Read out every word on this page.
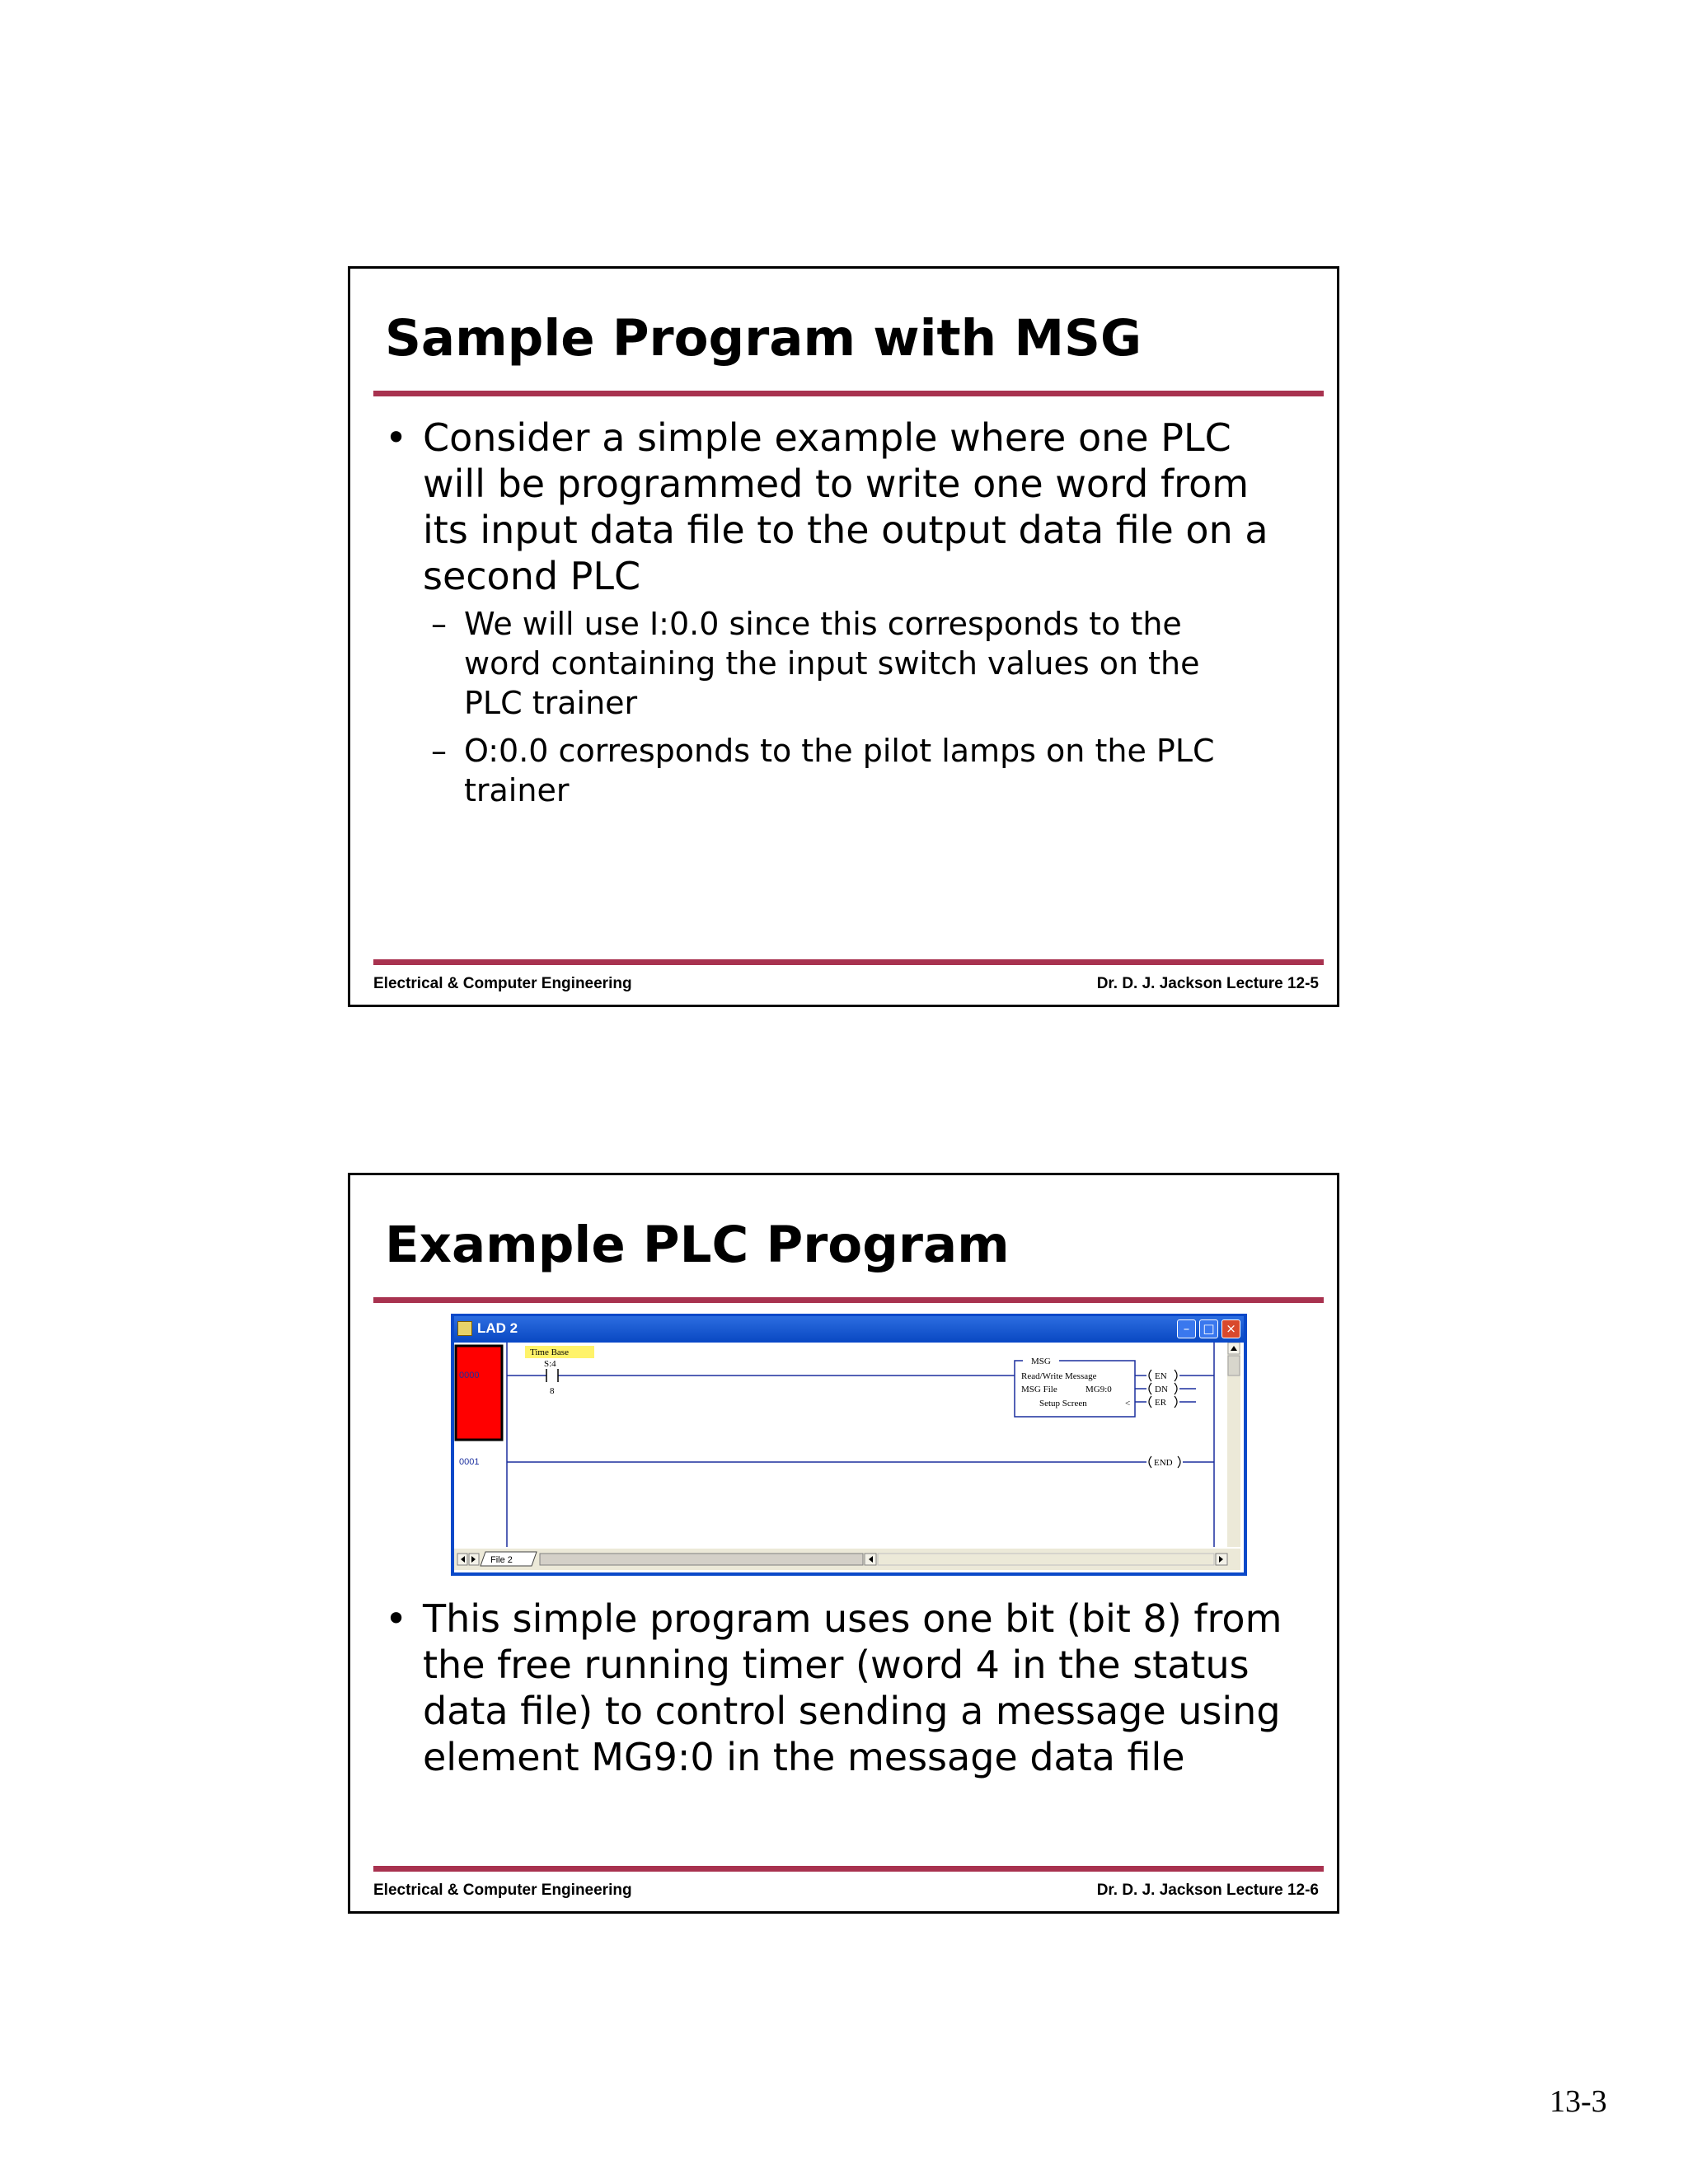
Sample Program with MSG
• Consider a simple example where one PLC
will be programmed to write one word from
its input data file to the output data file on a
second PLC
– We will use I:0.0 since this corresponds to the
word containing the input switch values on the
PLC trainer
– O:0.0 corresponds to the pilot lamps on the PLC
trainer
Electrical & Computer Engineering	Dr. D. J. Jackson Lecture 12-5
Example PLC Program
LAD 2	–	□ ×
0000
0001
Time Base
S:4
8
MSG
Read/Write Message
MSG File	MG9:0
Setup Screen	<
EN
DN
ER
END
File 2
• This simple program uses one bit (bit 8) from
the free running timer (word 4 in the status
data file) to control sending a message using
element MG9:0 in the message data file
Electrical & Computer Engineering	Dr. D. J. Jackson Lecture 12-6
13-3
